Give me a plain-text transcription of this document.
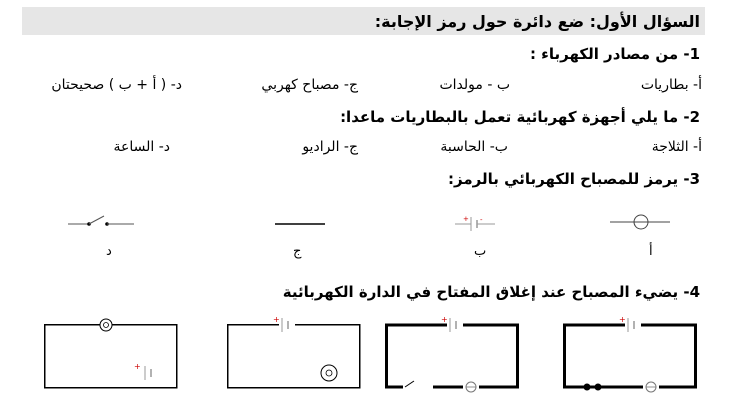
السؤال الأول: ضع دائرة حول رمز الإجابة:
1- من مصادر الكهرباء :
أ- بطاريات
ب - مولدات
ج- مصباح كهربي
د- ( أ + ب ) صحيحتان
2- ما يلي أجهزة كهربائية تعمل بالبطاريات ماعدا:
أ- الثلاجة
ب- الحاسبة
ج- الراديو
د- الساعة
3- يرمز للمصباح الكهربائي بالرمز:
أ
+ -
ب
ج
د
4- يضيء المصباح عند إغلاق المفتاح في الدارة الكهربائية
+
+	+	+
